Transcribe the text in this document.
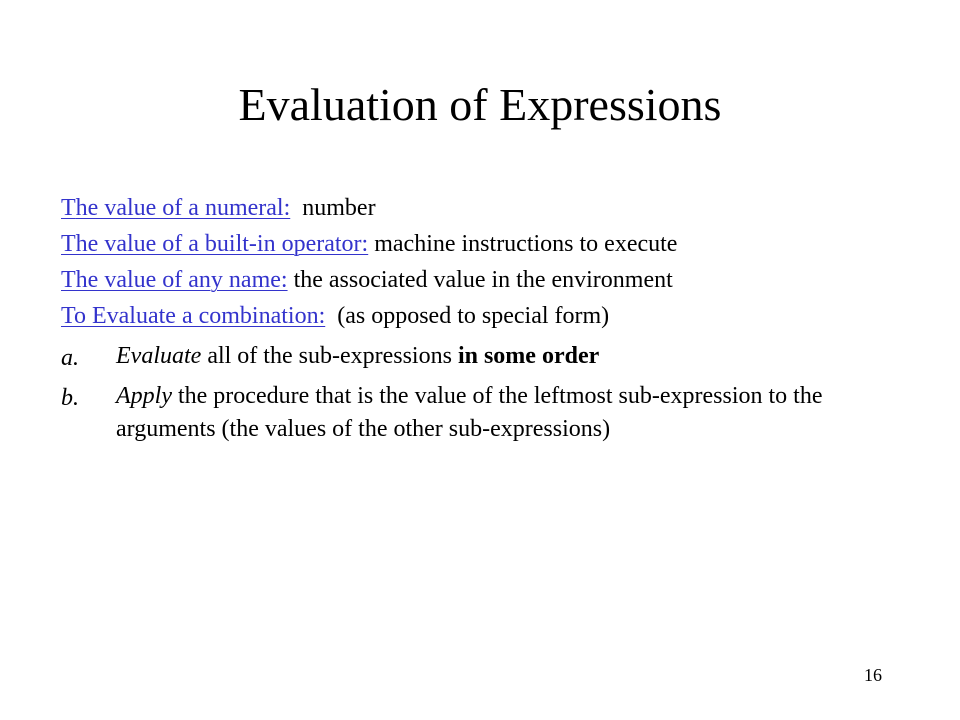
Evaluation of Expressions

The value of a numeral: number

The value of a built-in operator: machine instructions to execute

The value of any name: the associated value in the environment

To Evaluate a combination: (as opposed to special form)

a.	Evaluate all of the sub-expressions in some order
b.	Apply the procedure that is the value of the leftmost sub-expression to the arguments (the values of the other sub-expressions)
16
